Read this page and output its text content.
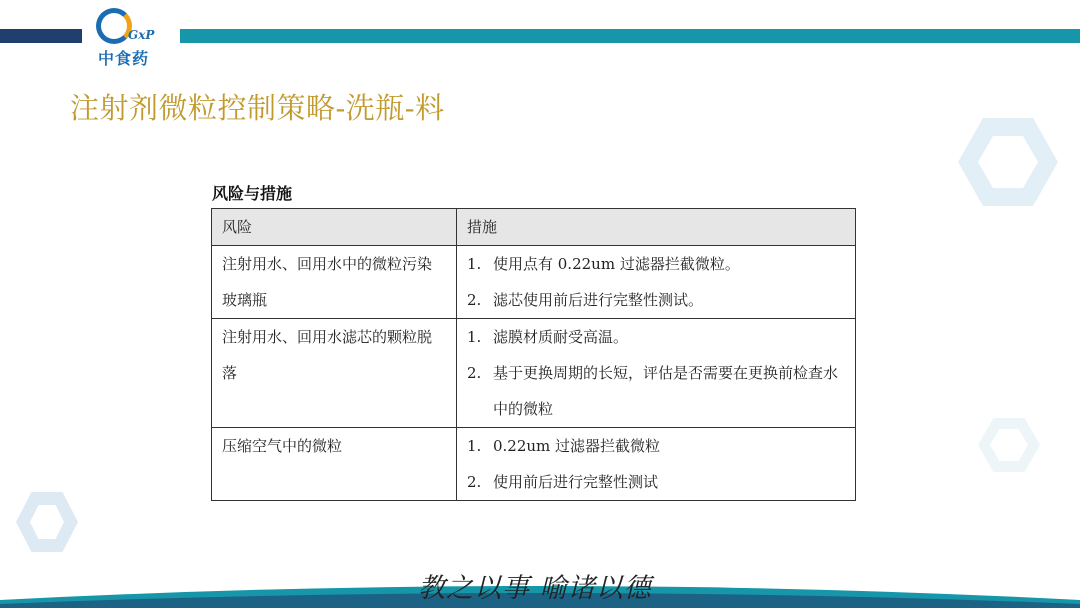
GxP
中食药
注射剂微粒控制策略-洗瓶-料
风险与措施
风险	措施
注射用水、回用水中的微粒污染玻璃瓶	1. 使用点有 0.22um 过滤器拦截微粒。
2. 滤芯使用前后进行完整性测试。

注射用水、回用水滤芯的颗粒脱落	1. 滤膜材质耐受高温。
2. 基于更换周期的长短，评估是否需要在更换前检查水中的微粒

压缩空气中的微粒	1. 0.22um 过滤器拦截微粒
2. 使用前后进行完整性测试
教之以事 喻诸以德
